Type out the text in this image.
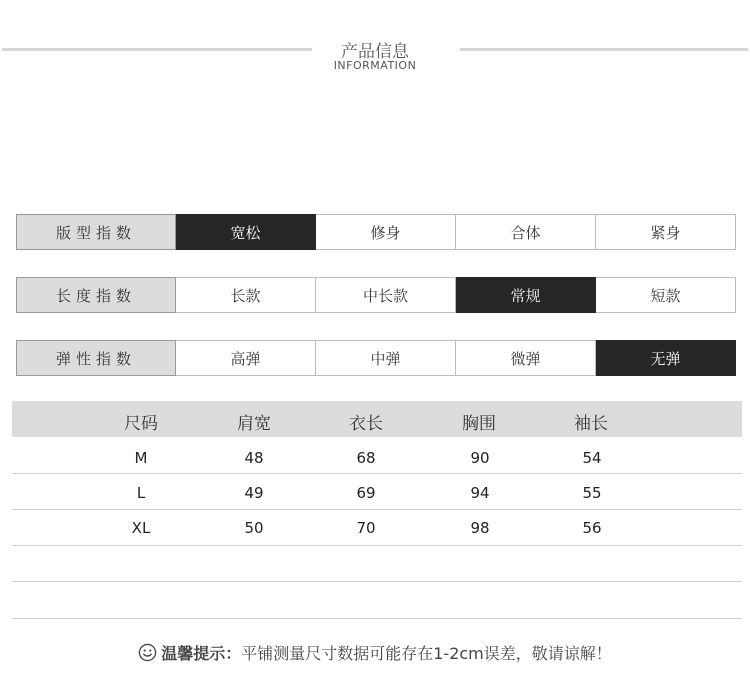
产品信息
INFORMATION
版型指数	宽松	修身	合体	紧身
长度指数	长款	中长款	常规	短款
弹性指数	高弹	中弹	微弹	无弹
尺码	肩宽	衣长	胸围	袖长
M	48	68	90	54
L	49	69	94	55
XL	50	70	98	56
温馨提示： 平铺测量尺寸数据可能存在1-2cm误差，敬请谅解！
